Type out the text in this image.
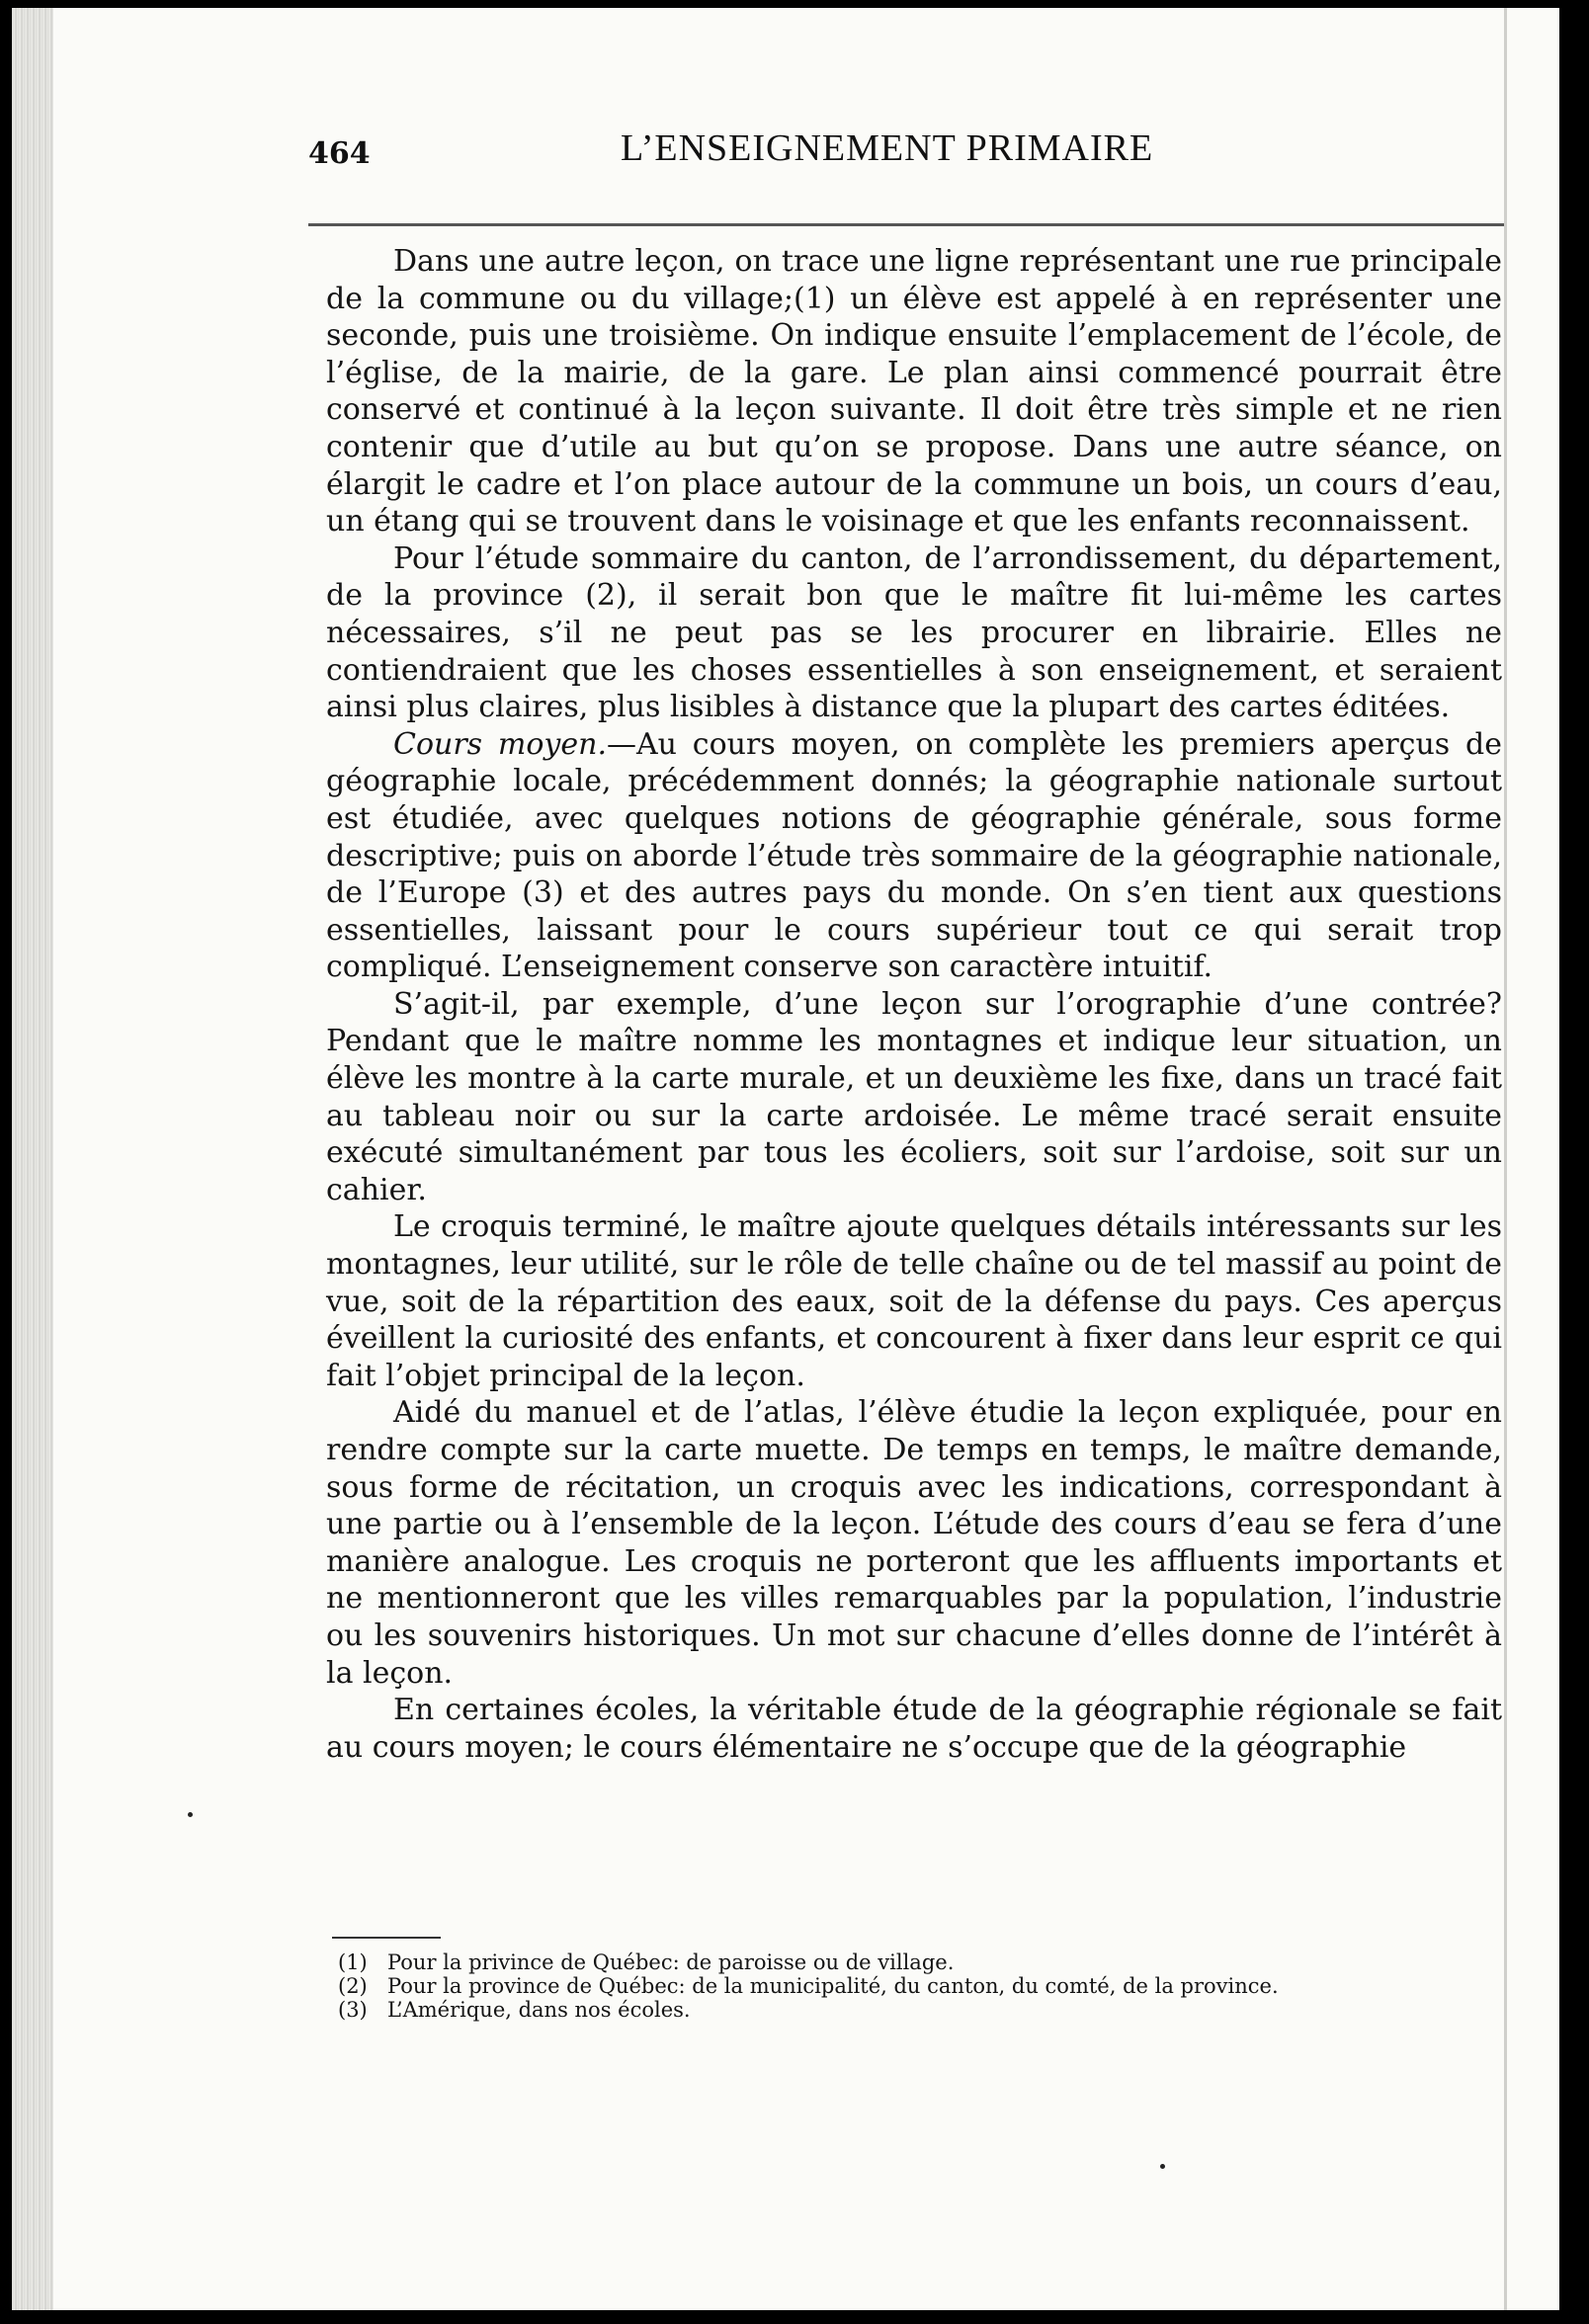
464	L’ENSEIGNEMENT PRIMAIRE

Dans une autre leçon, on trace une ligne représentant une rue principale de la commune ou du village;(1) un élève est appelé à en représenter une seconde, puis une troisième. On indique ensuite l’emplacement de l’école, de l’église, de la mairie, de la gare. Le plan ainsi commencé pourrait être conservé et continué à la leçon suivante. Il doit être très simple et ne rien contenir que d’utile au but qu’on se propose. Dans une autre séance, on élargit le cadre et l’on place autour de la commune un bois, un cours d’eau, un étang qui se trouvent dans le voisinage et que les enfants reconnaissent.

Pour l’étude sommaire du canton, de l’arrondissement, du département, de la province (2), il serait bon que le maître fit lui-même les cartes nécessaires, s’il ne peut pas se les procurer en librairie. Elles ne contiendraient que les choses essentielles à son enseignement, et seraient ainsi plus claires, plus lisibles à distance que la plupart des cartes éditées.

Cours moyen.—Au cours moyen, on complète les premiers aperçus de géographie locale, précédemment donnés; la géographie nationale surtout est étudiée, avec quelques notions de géographie générale, sous forme descriptive; puis on aborde l’étude très sommaire de la géographie nationale, de l’Europe (3) et des autres pays du monde. On s’en tient aux questions essentielles, laissant pour le cours supérieur tout ce qui serait trop compliqué. L’enseignement conserve son caractère intuitif.

S’agit-il, par exemple, d’une leçon sur l’orographie d’une contrée? Pendant que le maître nomme les montagnes et indique leur situation, un élève les montre à la carte murale, et un deuxième les fixe, dans un tracé fait au tableau noir ou sur la carte ardoisée. Le même tracé serait ensuite exécuté simultanément par tous les écoliers, soit sur l’ardoise, soit sur un cahier.

Le croquis terminé, le maître ajoute quelques détails intéressants sur les montagnes, leur utilité, sur le rôle de telle chaîne ou de tel massif au point de vue, soit de la répartition des eaux, soit de la défense du pays. Ces aperçus éveillent la curiosité des enfants, et concourent à fixer dans leur esprit ce qui fait l’objet principal de la leçon.

Aidé du manuel et de l’atlas, l’élève étudie la leçon expliquée, pour en rendre compte sur la carte muette. De temps en temps, le maître demande, sous forme de récitation, un croquis avec les indications, correspondant à une partie ou à l’ensemble de la leçon. L’étude des cours d’eau se fera d’une manière analogue. Les croquis ne porteront que les affluents importants et ne mentionneront que les villes remarquables par la population, l’industrie ou les souvenirs historiques. Un mot sur chacune d’elles donne de l’intérêt à la leçon.

En certaines écoles, la véritable étude de la géographie régionale se fait au cours moyen; le cours élémentaire ne s’occupe que de la géographie

(1) Pour la privince de Québec: de paroisse ou de village.
(2) Pour la province de Québec: de la municipalité, du canton, du comté, de la province.
(3) L’Amérique, dans nos écoles.
